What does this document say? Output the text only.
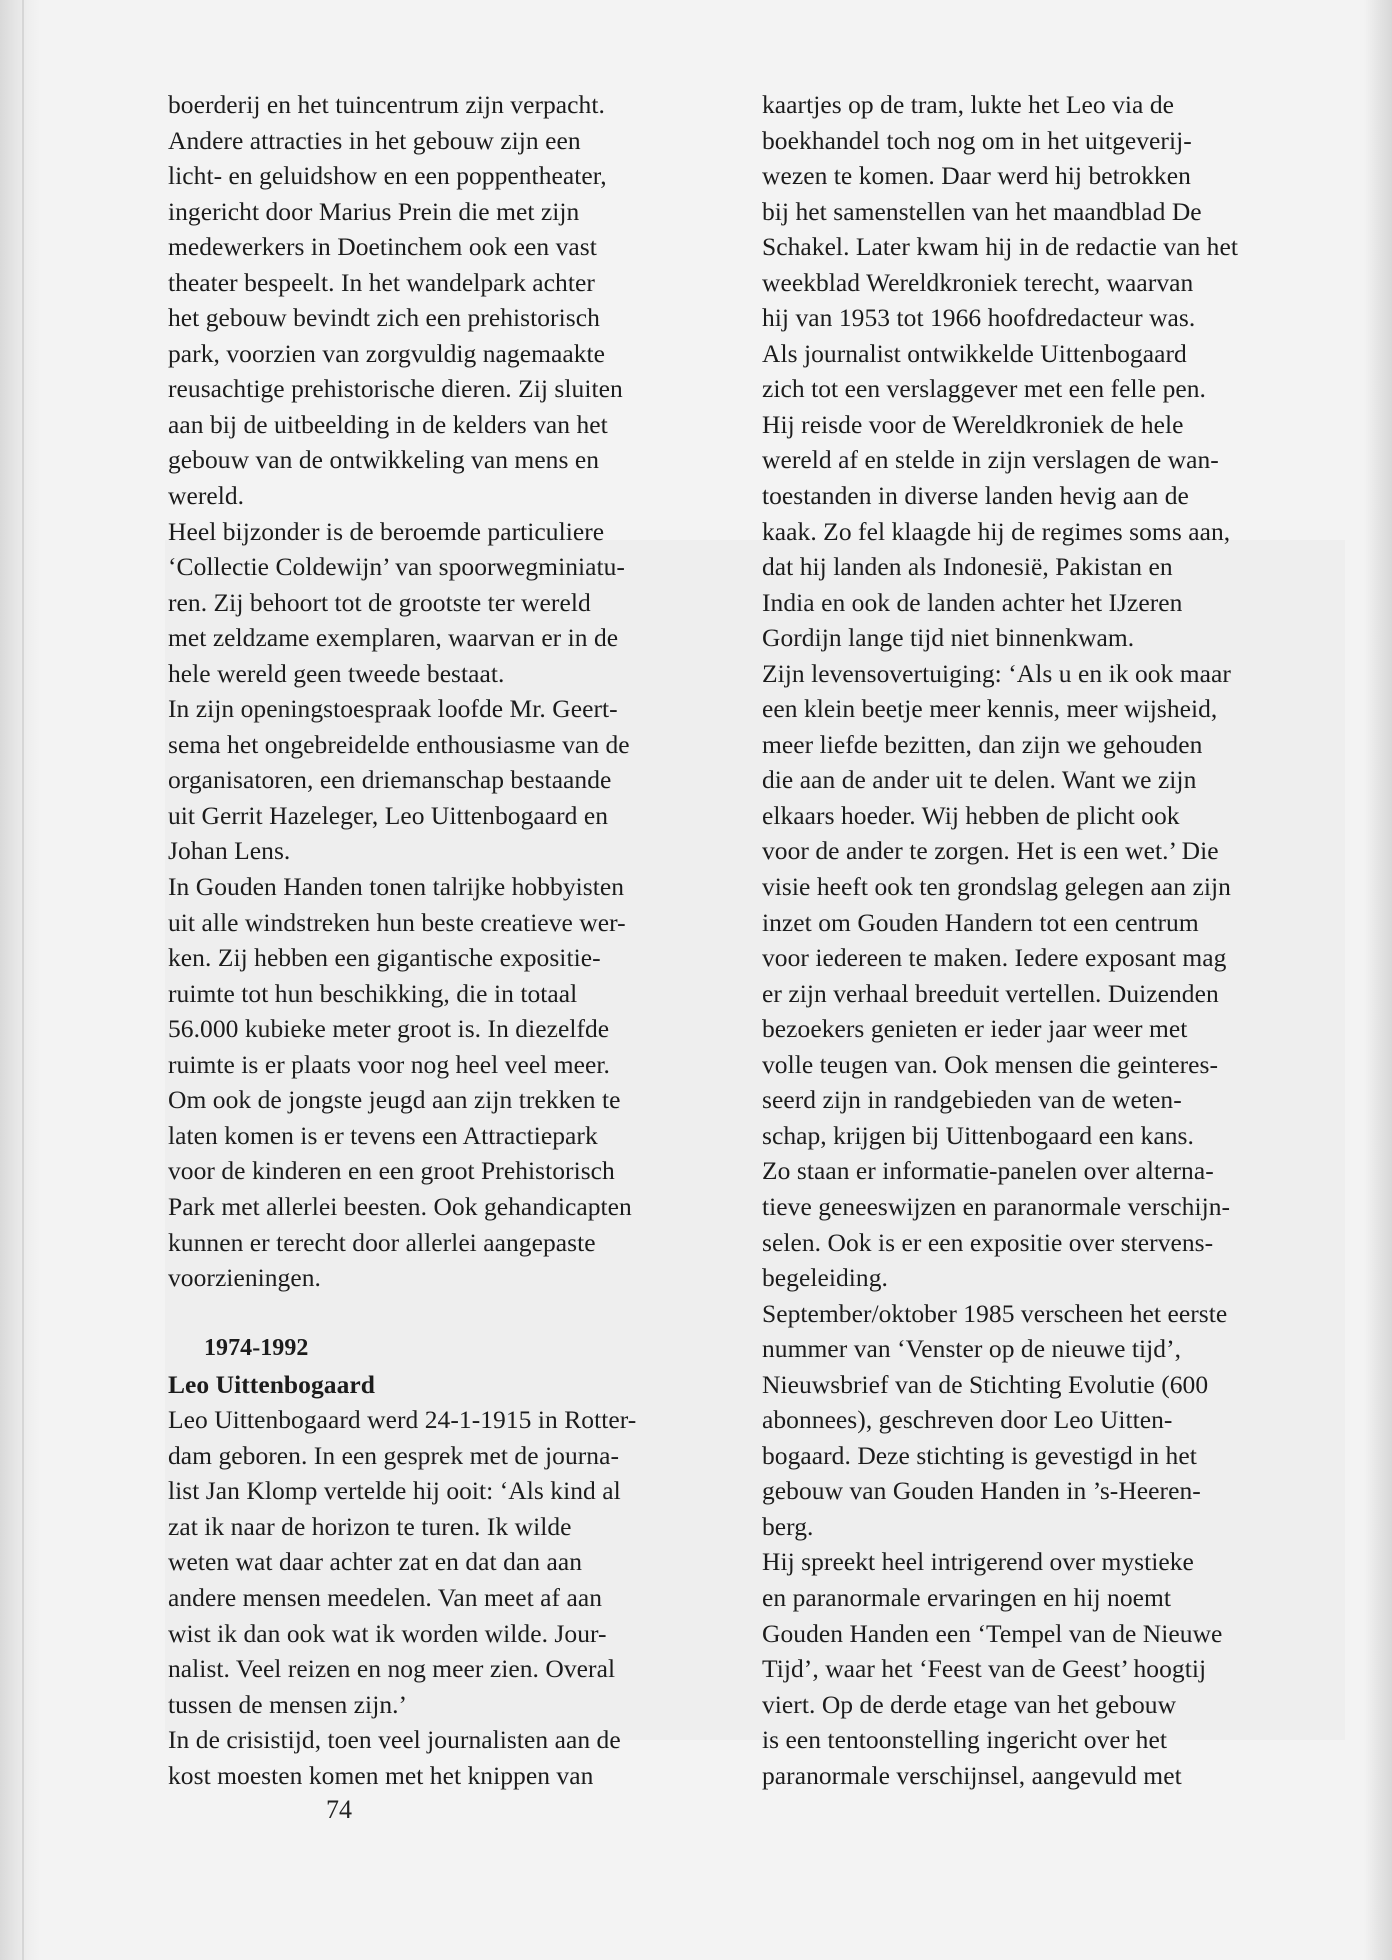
boerderij en het tuincentrum zijn verpacht.
Andere attracties in het gebouw zijn een
licht- en geluidshow en een poppentheater,
ingericht door Marius Prein die met zijn
medewerkers in Doetinchem ook een vast
theater bespeelt. In het wandelpark achter
het gebouw bevindt zich een prehistorisch
park, voorzien van zorgvuldig nagemaakte
reusachtige prehistorische dieren. Zij sluiten
aan bij de uitbeelding in de kelders van het
gebouw van de ontwikkeling van mens en
wereld.
Heel bijzonder is de beroemde particuliere
‘Collectie Coldewijn’ van spoorwegminiatu-
ren. Zij behoort tot de grootste ter wereld
met zeldzame exemplaren, waarvan er in de
hele wereld geen tweede bestaat.
In zijn openingstoespraak loofde Mr. Geert-
sema het ongebreidelde enthousiasme van de
organisatoren, een driemanschap bestaande
uit Gerrit Hazeleger, Leo Uittenbogaard en
Johan Lens.
In Gouden Handen tonen talrijke hobbyisten
uit alle windstreken hun beste creatieve wer-
ken. Zij hebben een gigantische expositie-
ruimte tot hun beschikking, die in totaal
56.000 kubieke meter groot is. In diezelfde
ruimte is er plaats voor nog heel veel meer.
Om ook de jongste jeugd aan zijn trekken te
laten komen is er tevens een Attractiepark
voor de kinderen en een groot Prehistorisch
Park met allerlei beesten. Ook gehandicapten
kunnen er terecht door allerlei aangepaste
voorzieningen.
1974-1992
Leo Uittenbogaard
Leo Uittenbogaard werd 24-1-1915 in Rotter-
dam geboren. In een gesprek met de journa-
list Jan Klomp vertelde hij ooit: ‘Als kind al
zat ik naar de horizon te turen. Ik wilde
weten wat daar achter zat en dat dan aan
andere mensen meedelen. Van meet af aan
wist ik dan ook wat ik worden wilde. Jour-
nalist. Veel reizen en nog meer zien. Overal
tussen de mensen zijn.’
In de crisistijd, toen veel journalisten aan de
kost moesten komen met het knippen van
kaartjes op de tram, lukte het Leo via de
boekhandel toch nog om in het uitgeverij-
wezen te komen. Daar werd hij betrokken
bij het samenstellen van het maandblad De
Schakel. Later kwam hij in de redactie van het
weekblad Wereldkroniek terecht, waarvan
hij van 1953 tot 1966 hoofdredacteur was.
Als journalist ontwikkelde Uittenbogaard
zich tot een verslaggever met een felle pen.
Hij reisde voor de Wereldkroniek de hele
wereld af en stelde in zijn verslagen de wan-
toestanden in diverse landen hevig aan de
kaak. Zo fel klaagde hij de regimes soms aan,
dat hij landen als Indonesië, Pakistan en
India en ook de landen achter het IJzeren
Gordijn lange tijd niet binnenkwam.
Zijn levensovertuiging: ‘Als u en ik ook maar
een klein beetje meer kennis, meer wijsheid,
meer liefde bezitten, dan zijn we gehouden
die aan de ander uit te delen. Want we zijn
elkaars hoeder. Wij hebben de plicht ook
voor de ander te zorgen. Het is een wet.’ Die
visie heeft ook ten grondslag gelegen aan zijn
inzet om Gouden Handern tot een centrum
voor iedereen te maken. Iedere exposant mag
er zijn verhaal breeduit vertellen. Duizenden
bezoekers genieten er ieder jaar weer met
volle teugen van. Ook mensen die geinteres-
seerd zijn in randgebieden van de weten-
schap, krijgen bij Uittenbogaard een kans.
Zo staan er informatie-panelen over alterna-
tieve geneeswijzen en paranormale verschijn-
selen. Ook is er een expositie over stervens-
begeleiding.
September/oktober 1985 verscheen het eerste
nummer van ‘Venster op de nieuwe tijd’,
Nieuwsbrief van de Stichting Evolutie (600
abonnees), geschreven door Leo Uitten-
bogaard. Deze stichting is gevestigd in het
gebouw van Gouden Handen in ’s-Heeren-
berg.
Hij spreekt heel intrigerend over mystieke
en paranormale ervaringen en hij noemt
Gouden Handen een ‘Tempel van de Nieuwe
Tijd’, waar het ‘Feest van de Geest’ hoogtij
viert. Op de derde etage van het gebouw
is een tentoonstelling ingericht over het
paranormale verschijnsel, aangevuld met
74
